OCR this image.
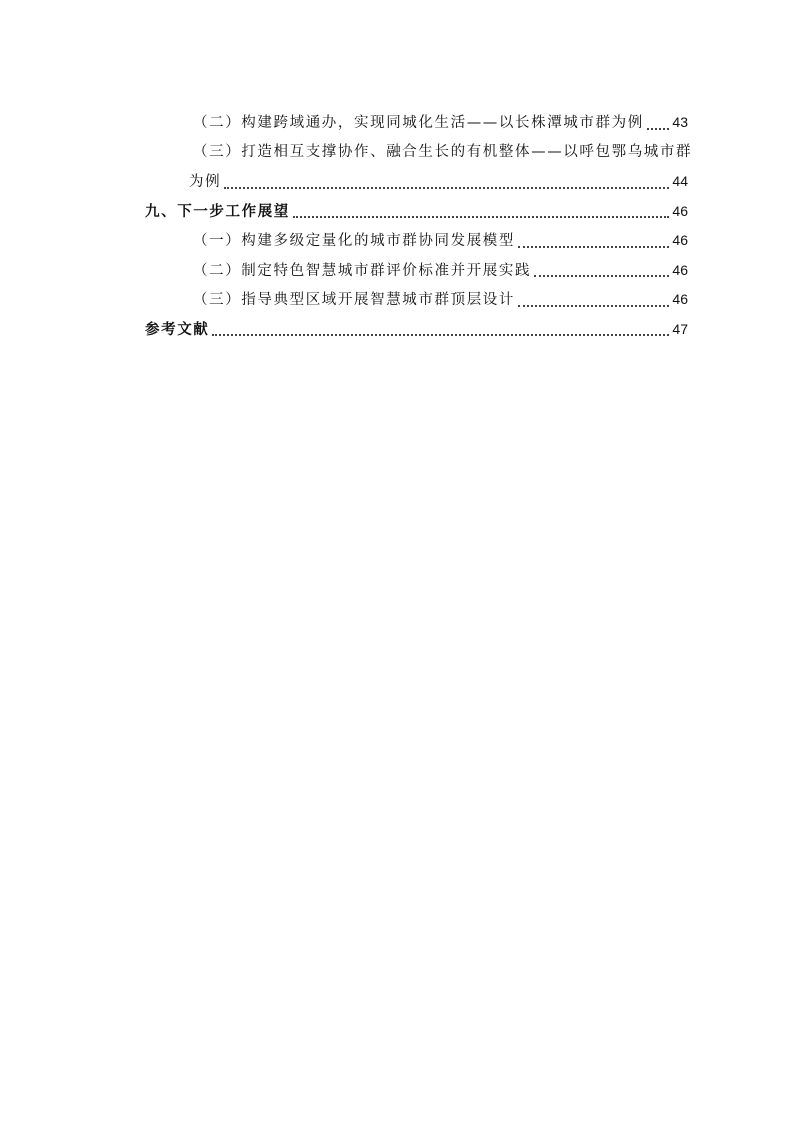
（二）构建跨域通办，实现同城化生活——以长株潭城市群为例 43
（三）打造相互支撑协作、融合生长的有机整体——以呼包鄂乌城市群
为例	44
九、下一步工作展望	46
（一）构建多级定量化的城市群协同发展模型	46
（二）制定特色智慧城市群评价标准并开展实践	46
（三）指导典型区域开展智慧城市群顶层设计	46
参考文献	47
